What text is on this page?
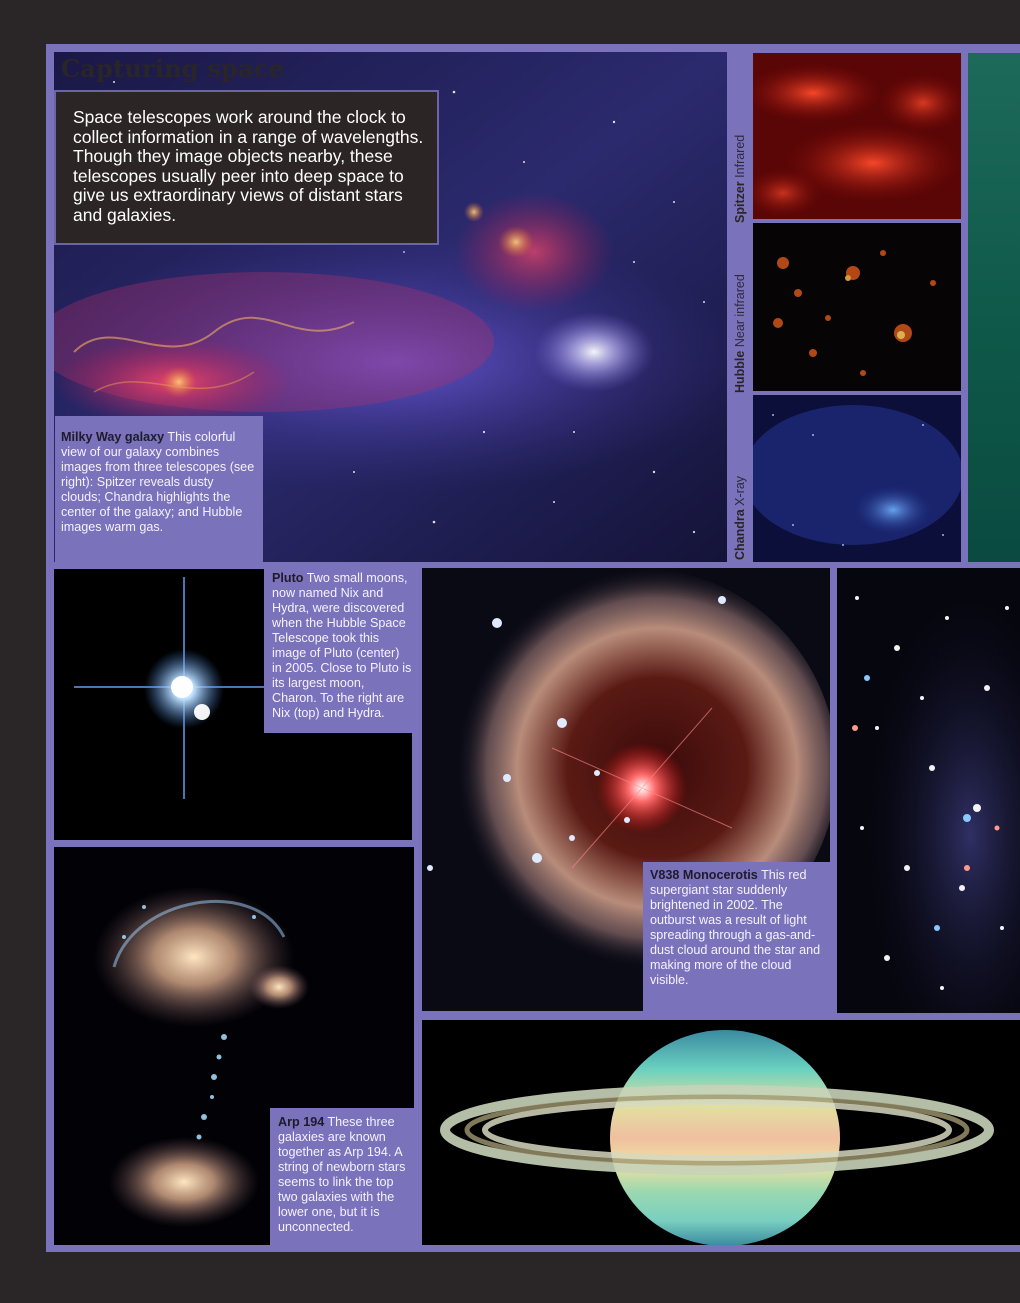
Capturing space
Space telescopes work around the clock to collect information in a range of wavelengths. Though they image objects nearby, these telescopes usually peer into deep space to give us extraordinary views of distant stars and galaxies.
Milky Way galaxy This colorful view of our galaxy combines images from three telescopes (see right): Spitzer reveals dusty clouds; Chandra highlights the center of the galaxy; and Hubble images warm gas.
Spitzer Infrared
Hubble Near infrared
Chandra X-ray
Pluto Two small moons, now named Nix and Hydra, were discovered when the Hubble Space Telescope took this image of Pluto (center) in 2005. Close to Pluto is its largest moon, Charon. To the right are Nix (top) and Hydra.
Arp 194 These three galaxies are known together as Arp 194. A string of newborn stars seems to link the top two galaxies with the lower one, but it is unconnected.
V838 Monocerotis This red supergiant star suddenly brightened in 2002. The outburst was a result of light spreading through a gas-and-dust cloud around the star and making more of the cloud visible.
